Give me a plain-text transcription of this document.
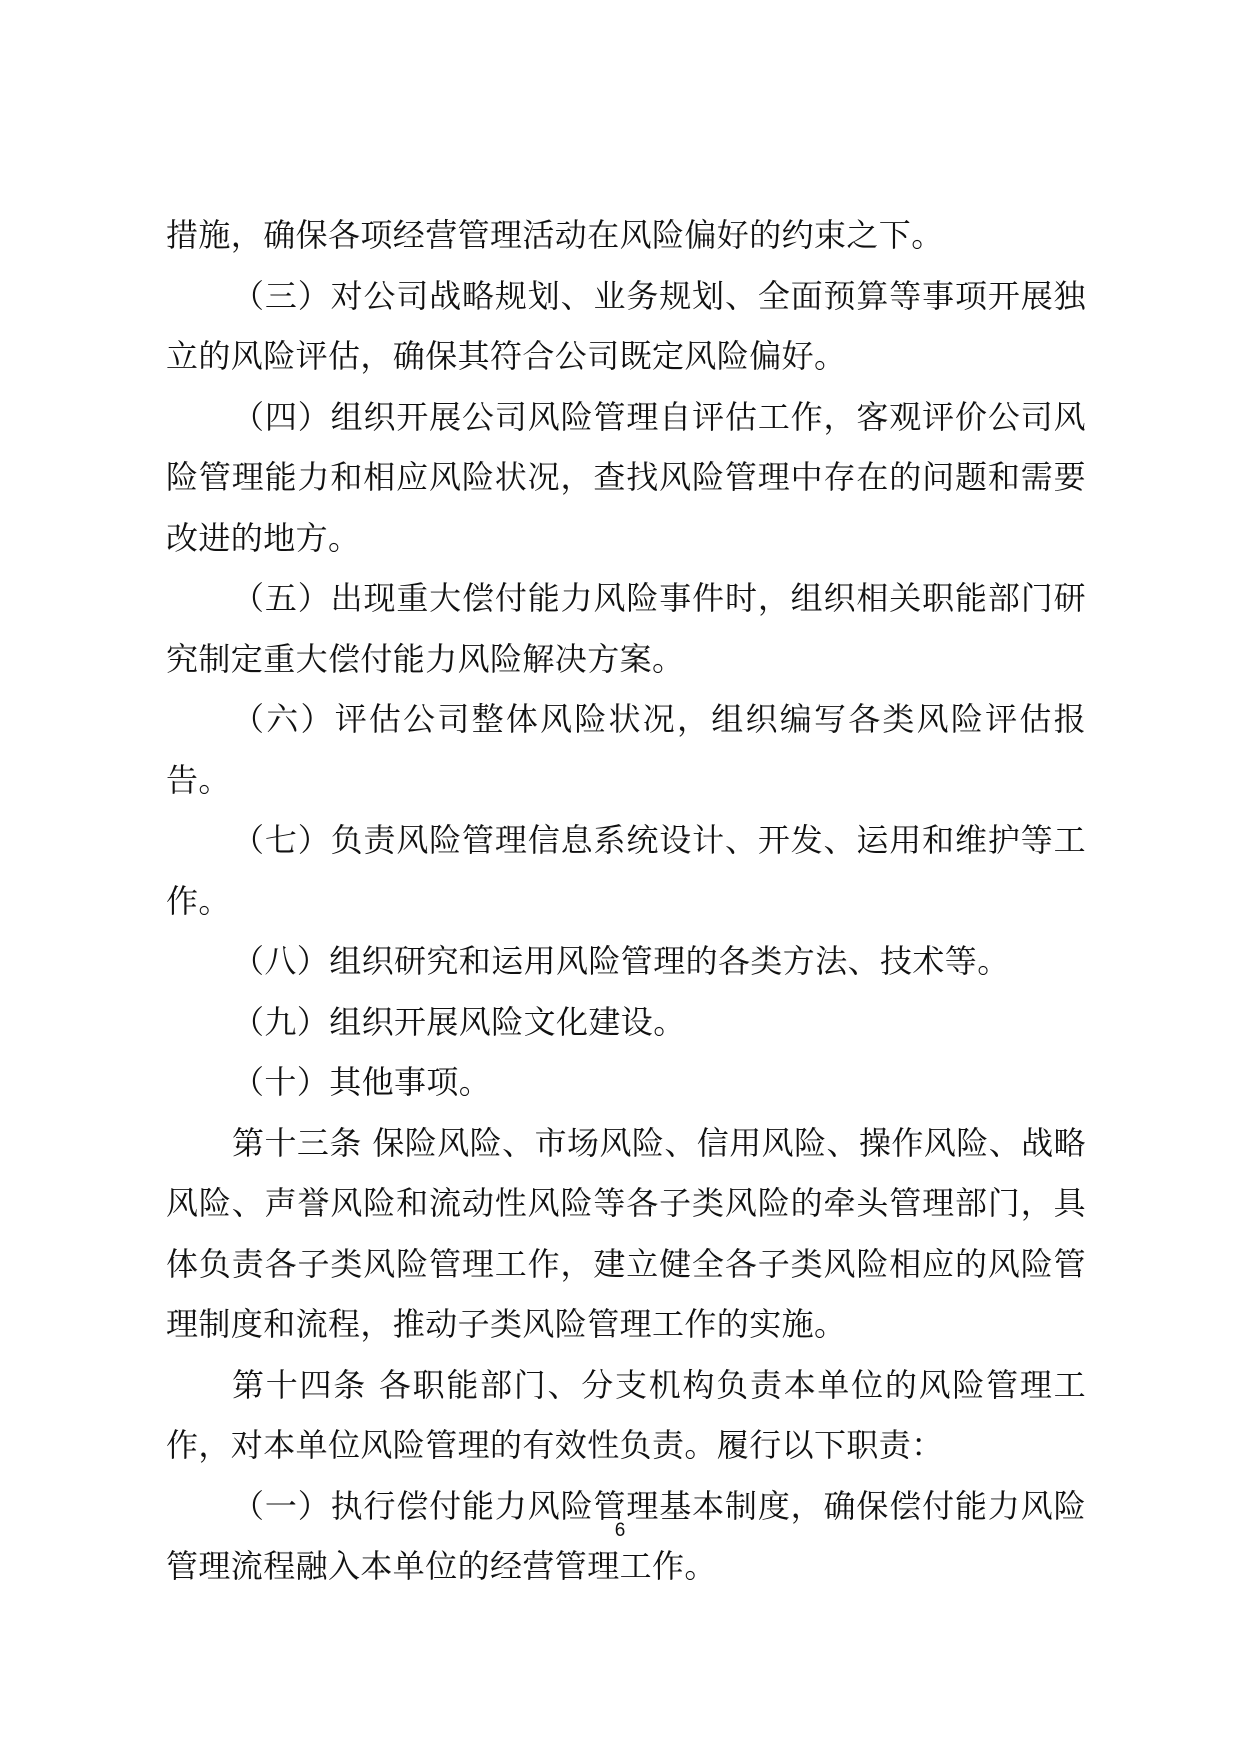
措施，确保各项经营管理活动在风险偏好的约束之下。

（三）对公司战略规划、业务规划、全面预算等事项开展独立的风险评估，确保其符合公司既定风险偏好。

（四）组织开展公司风险管理自评估工作，客观评价公司风险管理能力和相应风险状况，查找风险管理中存在的问题和需要改进的地方。

（五）出现重大偿付能力风险事件时，组织相关职能部门研究制定重大偿付能力风险解决方案。

（六）评估公司整体风险状况，组织编写各类风险评估报告。

（七）负责风险管理信息系统设计、开发、运用和维护等工作。

（八）组织研究和运用风险管理的各类方法、技术等。

（九）组织开展风险文化建设。

（十）其他事项。

第十三条 保险风险、市场风险、信用风险、操作风险、战略风险、声誉风险和流动性风险等各子类风险的牵头管理部门，具体负责各子类风险管理工作，建立健全各子类风险相应的风险管理制度和流程，推动子类风险管理工作的实施。

第十四条 各职能部门、分支机构负责本单位的风险管理工作，对本单位风险管理的有效性负责。履行以下职责：

（一）执行偿付能力风险管理基本制度，确保偿付能力风险管理流程融入本单位的经营管理工作。

6
